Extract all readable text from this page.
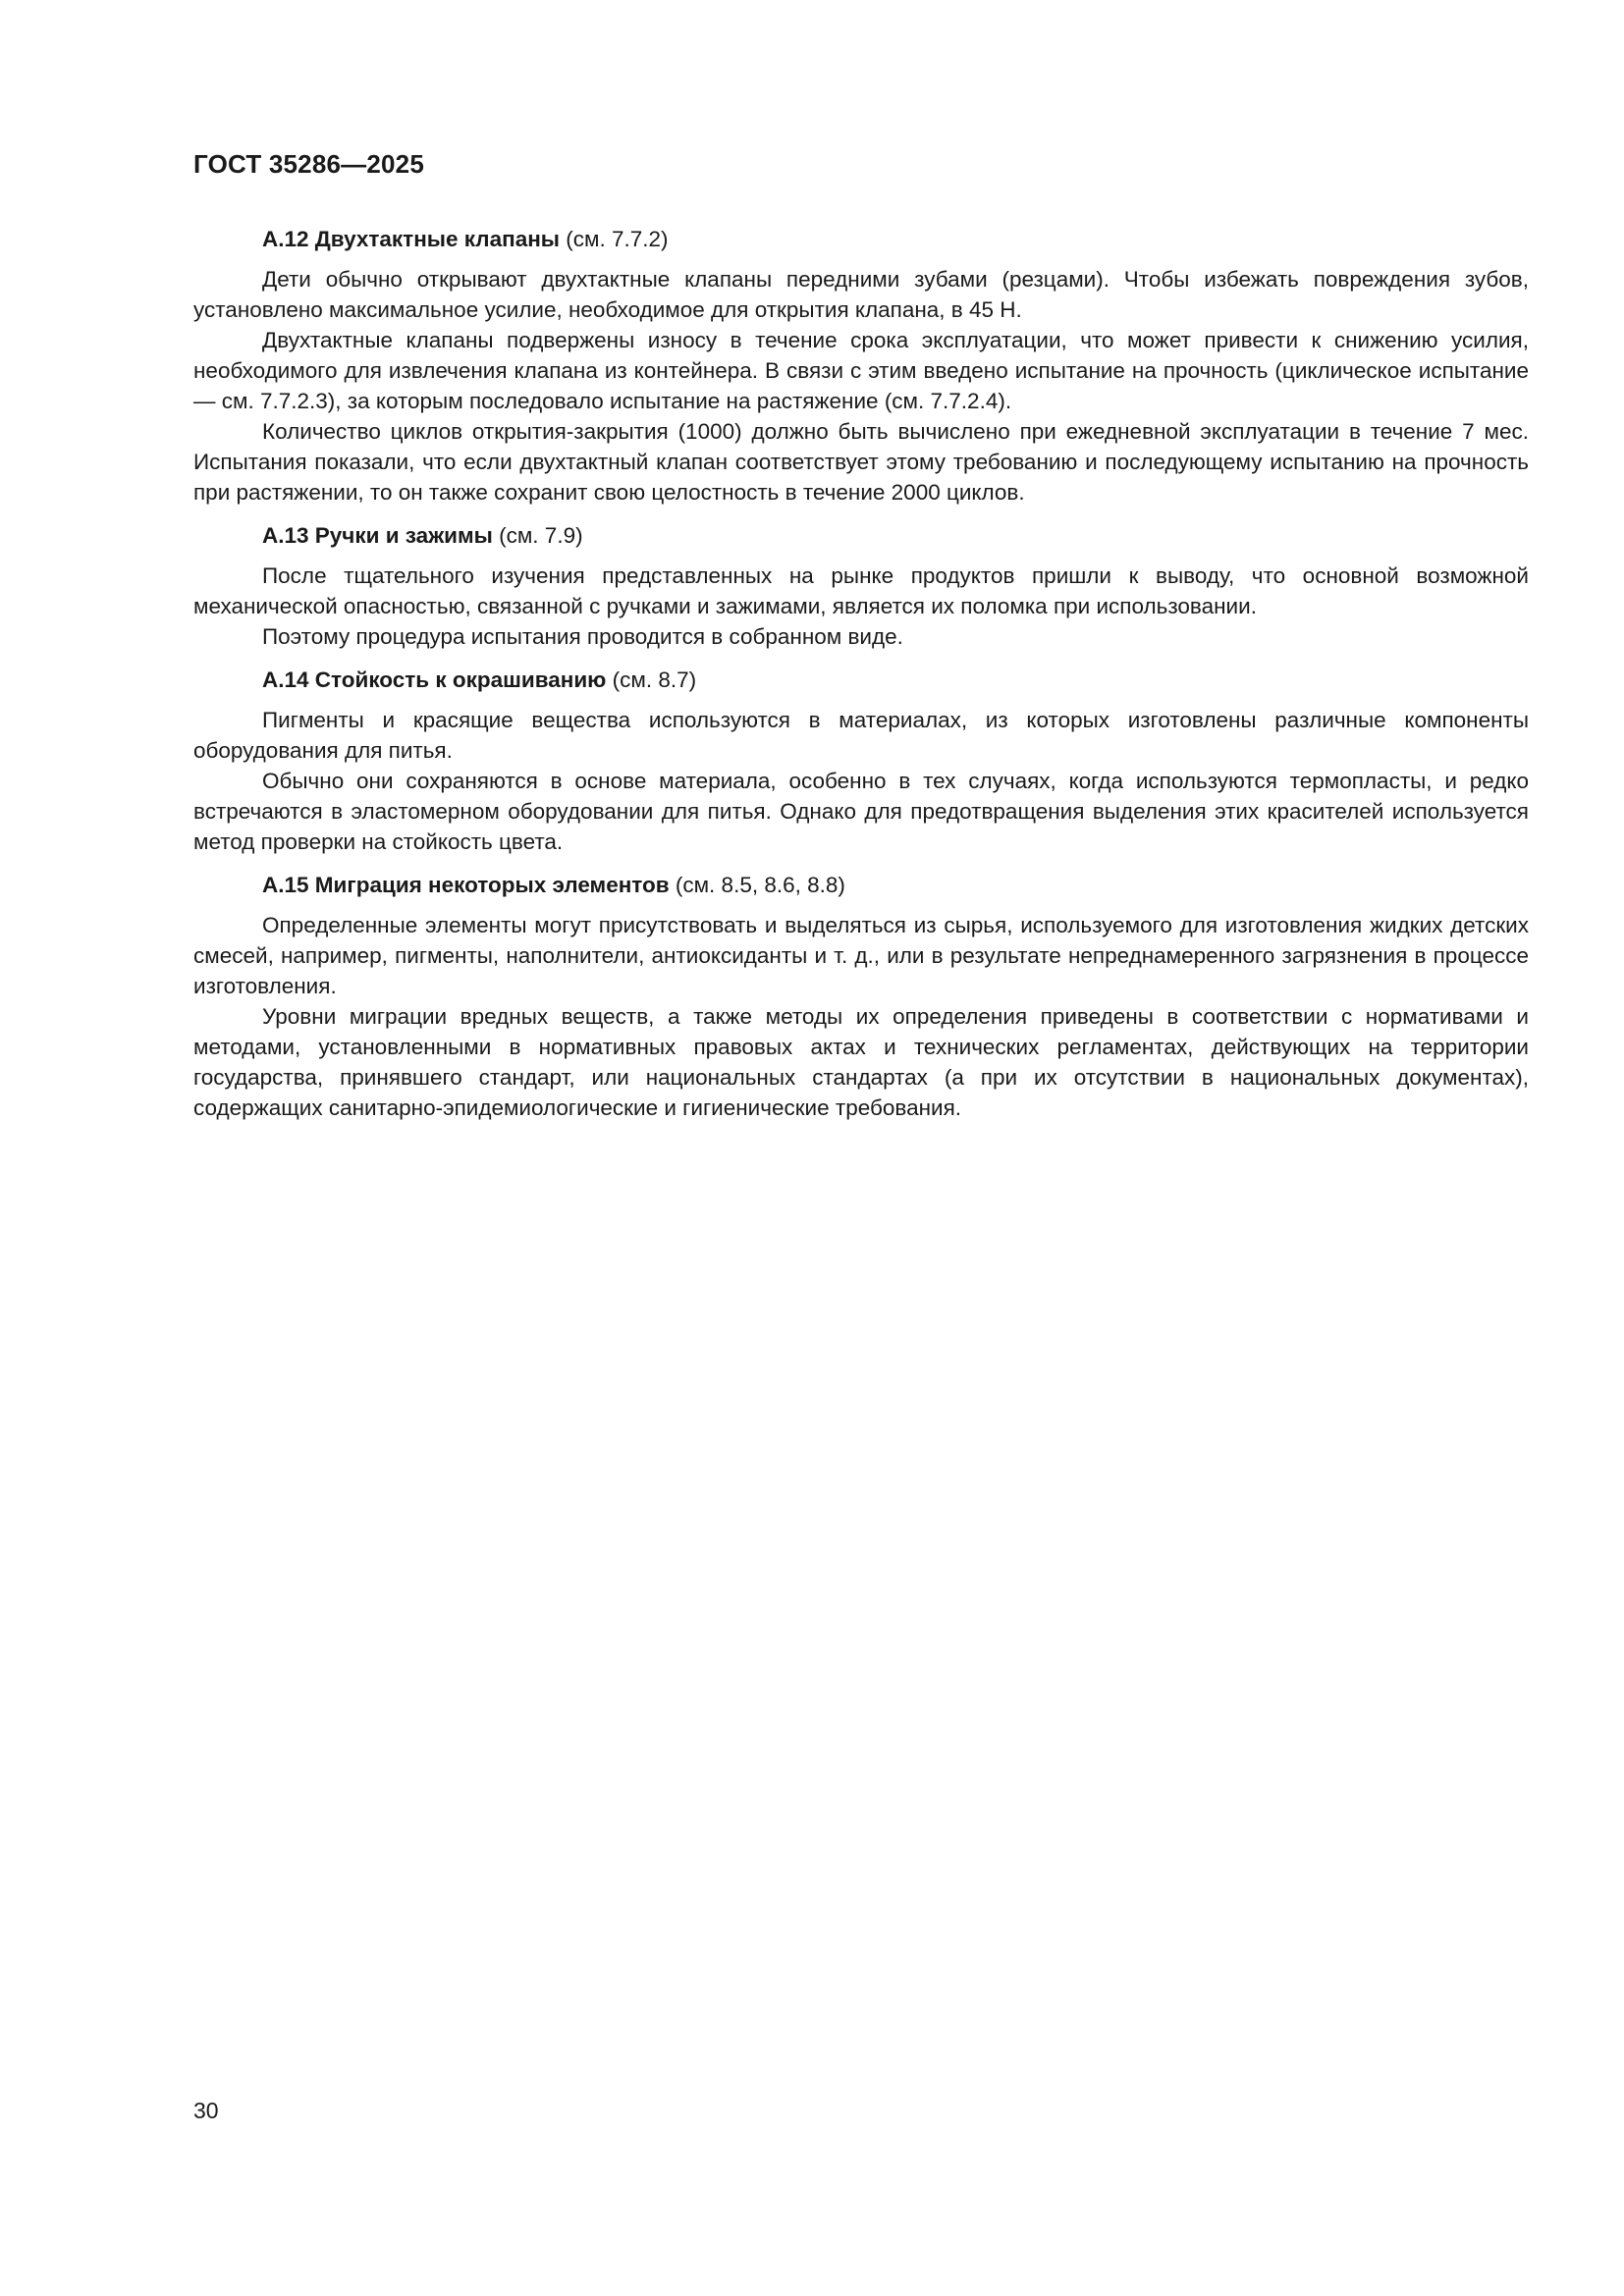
ГОСТ 35286—2025

А.12 Двухтактные клапаны (см. 7.7.2)

Дети обычно открывают двухтактные клапаны передними зубами (резцами). Чтобы избежать повреждения зубов, установлено максимальное усилие, необходимое для открытия клапана, в 45 Н.

Двухтактные клапаны подвержены износу в течение срока эксплуатации, что может привести к снижению усилия, необходимого для извлечения клапана из контейнера. В связи с этим введено испытание на прочность (циклическое испытание — см. 7.7.2.3), за которым последовало испытание на растяжение (см. 7.7.2.4).

Количество циклов открытия-закрытия (1000) должно быть вычислено при ежедневной эксплуатации в течение 7 мес. Испытания показали, что если двухтактный клапан соответствует этому требованию и последующему испытанию на прочность при растяжении, то он также сохранит свою целостность в течение 2000 циклов.

А.13 Ручки и зажимы (см. 7.9)

После тщательного изучения представленных на рынке продуктов пришли к выводу, что основной возможной механической опасностью, связанной с ручками и зажимами, является их поломка при использовании.

Поэтому процедура испытания проводится в собранном виде.

А.14 Стойкость к окрашиванию (см. 8.7)

Пигменты и красящие вещества используются в материалах, из которых изготовлены различные компоненты оборудования для питья.

Обычно они сохраняются в основе материала, особенно в тех случаях, когда используются термопласты, и редко встречаются в эластомерном оборудовании для питья. Однако для предотвращения выделения этих красителей используется метод проверки на стойкость цвета.

А.15 Миграция некоторых элементов (см. 8.5, 8.6, 8.8)

Определенные элементы могут присутствовать и выделяться из сырья, используемого для изготовления жидких детских смесей, например, пигменты, наполнители, антиоксиданты и т. д., или в результате непреднамеренного загрязнения в процессе изготовления.

Уровни миграции вредных веществ, а также методы их определения приведены в соответствии с нормативами и методами, установленными в нормативных правовых актах и технических регламентах, действующих на территории государства, принявшего стандарт, или национальных стандартах (а при их отсутствии в национальных документах), содержащих санитарно-эпидемиологические и гигиенические требования.

30
